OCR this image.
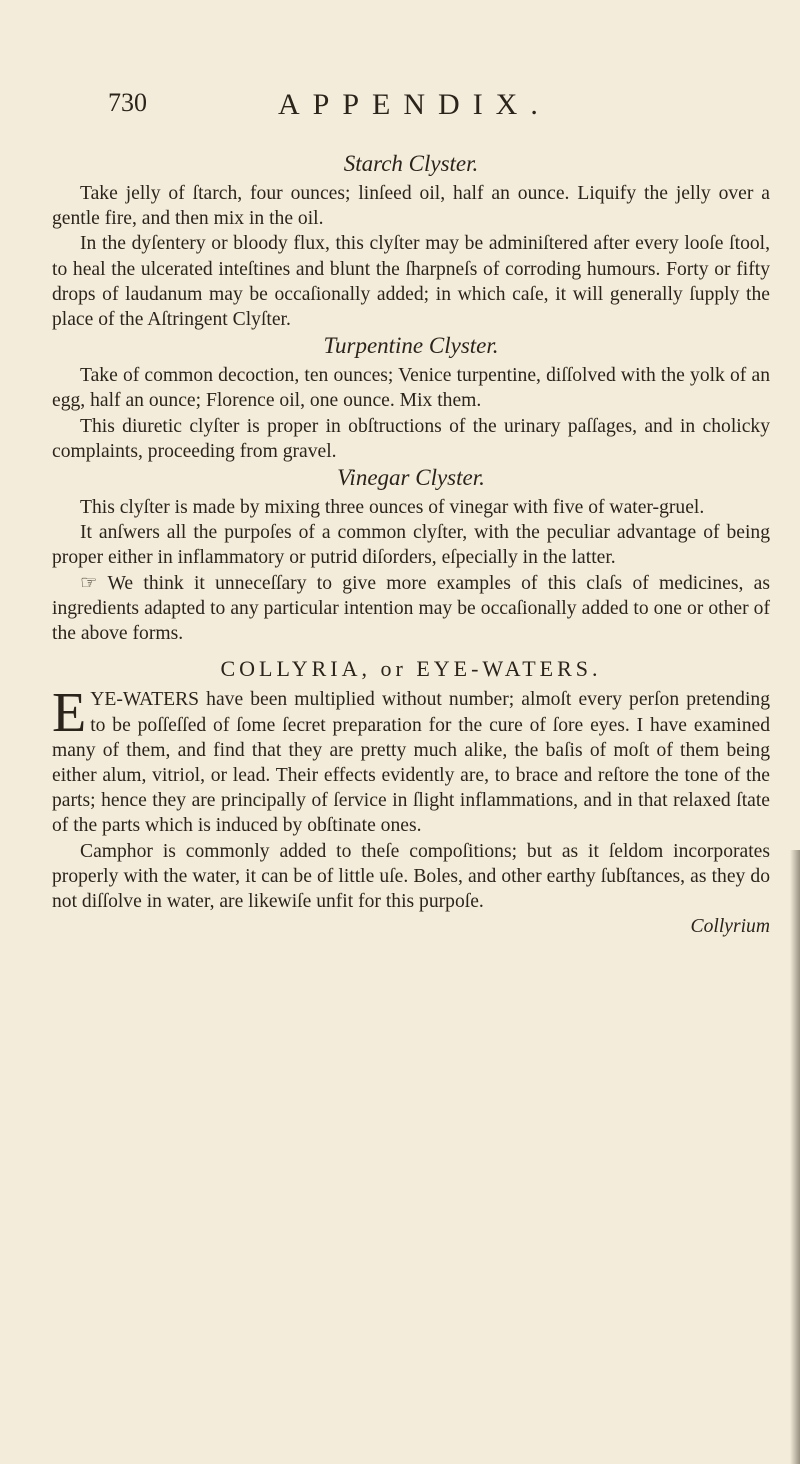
730	APPENDIX.
Starch Clyster.

Take jelly of ſtarch, four ounces; linſeed oil, half an ounce. Liquify the jelly over a gentle fire, and then mix in the oil.

In the dyſentery or bloody flux, this clyſter may be adminiſtered after every looſe ſtool, to heal the ulcerated inteſtines and blunt the ſharpneſs of corroding humours. Forty or fifty drops of laudanum may be occaſionally added; in which caſe, it will generally ſupply the place of the Aſtringent Clyſter.

Turpentine Clyster.

Take of common decoction, ten ounces; Venice turpentine, diſſolved with the yolk of an egg, half an ounce; Florence oil, one ounce. Mix them.

This diuretic clyſter is proper in obſtructions of the urinary paſſages, and in cholicky complaints, proceeding from gravel.

Vinegar Clyster.

This clyſter is made by mixing three ounces of vinegar with five of water-gruel.

It anſwers all the purpoſes of a common clyſter, with the peculiar advantage of being proper either in inflammatory or putrid diſorders, eſpecially in the latter.

☞ We think it unneceſſary to give more examples of this claſs of medicines, as ingredients adapted to any particular intention may be occaſionally added to one or other of the above forms.

COLLYRIA, or EYE-WATERS.

EYE-WATERS have been multiplied without number; almoſt every perſon pretending to be poſſeſſed of ſome ſecret preparation for the cure of ſore eyes. I have examined many of them, and find that they are pretty much alike, the baſis of moſt of them being either alum, vitriol, or lead. Their effects evidently are, to brace and reſtore the tone of the parts; hence they are principally of ſervice in ſlight inflammations, and in that relaxed ſtate of the parts which is induced by obſtinate ones.

Camphor is commonly added to theſe compoſitions; but as it ſeldom incorporates properly with the water, it can be of little uſe. Boles, and other earthy ſubſtances, as they do not diſſolve in water, are likewiſe unfit for this purpoſe.

Collyrium
